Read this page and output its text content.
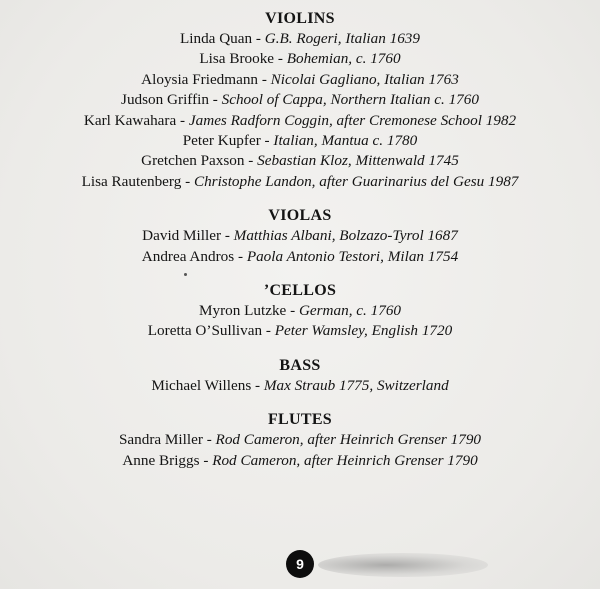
VIOLINS
Linda Quan - G.B. Rogeri, Italian 1639
Lisa Brooke - Bohemian, c. 1760
Aloysia Friedmann - Nicolai Gagliano, Italian 1763
Judson Griffin - School of Cappa, Northern Italian c. 1760
Karl Kawahara - James Radforn Coggin, after Cremonese School 1982
Peter Kupfer - Italian, Mantua c. 1780
Gretchen Paxson - Sebastian Kloz, Mittenwald 1745
Lisa Rautenberg - Christophe Landon, after Guarinarius del Gesu 1987
VIOLAS
David Miller - Matthias Albani, Bolzazo-Tyrol 1687
Andrea Andros - Paola Antonio Testori, Milan 1754
’CELLOS
Myron Lutzke - German, c. 1760
Loretta O’Sullivan - Peter Wamsley, English 1720
BASS
Michael Willens - Max Straub 1775, Switzerland
FLUTES
Sandra Miller - Rod Cameron, after Heinrich Grenser 1790
Anne Briggs - Rod Cameron, after Heinrich Grenser 1790
9
